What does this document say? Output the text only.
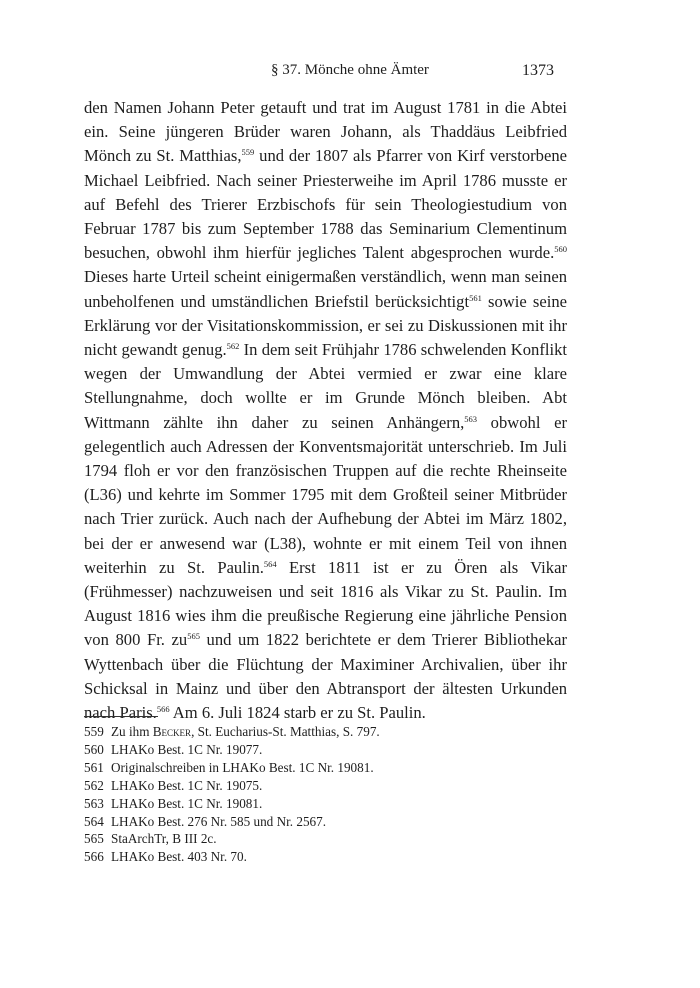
§ 37. Mönche ohne Ämter	1373
den Namen Johann Peter getauft und trat im August 1781 in die Abtei ein. Seine jüngeren Brüder waren Johann, als Thaddäus Leibfried Mönch zu St. Matthias,$^{559}$ und der 1807 als Pfarrer von Kirf verstorbene Michael Leibfried. Nach seiner Priesterweihe im April 1786 musste er auf Befehl des Trierer Erzbischofs für sein Theologiestudium von Februar 1787 bis zum September 1788 das Seminarium Clementinum besuchen, obwohl ihm hierfür jegliches Talent abgesprochen wurde.$^{560}$ Dieses harte Urteil scheint einigermaßen verständlich, wenn man seinen unbeholfenen und umständlichen Briefstil berücksichtigt$^{561}$ sowie seine Erklärung vor der Visitationskommission, er sei zu Diskussionen mit ihr nicht gewandt genug.$^{562}$ In dem seit Frühjahr 1786 schwelenden Konflikt wegen der Umwandlung der Abtei vermied er zwar eine klare Stellungnahme, doch wollte er im Grunde Mönch bleiben. Abt Wittmann zählte ihn daher zu seinen Anhängern,$^{563}$ obwohl er gelegentlich auch Adressen der Konventsmajorität unterschrieb. Im Juli 1794 floh er vor den französischen Truppen auf die rechte Rheinseite (L36) und kehrte im Sommer 1795 mit dem Großteil seiner Mitbrüder nach Trier zurück. Auch nach der Aufhebung der Abtei im März 1802, bei der er anwesend war (L38), wohnte er mit einem Teil von ihnen weiterhin zu St. Paulin.$^{564}$ Erst 1811 ist er zu Ören als Vikar (Frühmesser) nachzuweisen und seit 1816 als Vikar zu St. Paulin. Im August 1816 wies ihm die preußische Regierung eine jährliche Pension von 800 Fr. $zu^{565}$ und um 1822 berichtete er dem Trierer Bibliothekar Wyttenbach über die Flüchtung der Maximiner Archivalien, über ihr Schicksal in Mainz und über den Abtransport der ältesten Urkunden nach Paris.$^{566}$ Am 6. Juli 1824 starb er zu St. Paulin.
559 Zu ihm Becker, St. Eucharius-St. Matthias, S. 797.
560 LHAKo Best. 1C Nr. 19077.
561 Originalschreiben in LHAKo Best. 1C Nr. 19081.
562 LHAKo Best. 1C Nr. 19075.
563 LHAKo Best. 1C Nr. 19081.
564 LHAKo Best. 276 Nr. 585 und Nr. 2567.
565 StaArchTr, B III 2c.
566 LHAKo Best. 403 Nr. 70.
